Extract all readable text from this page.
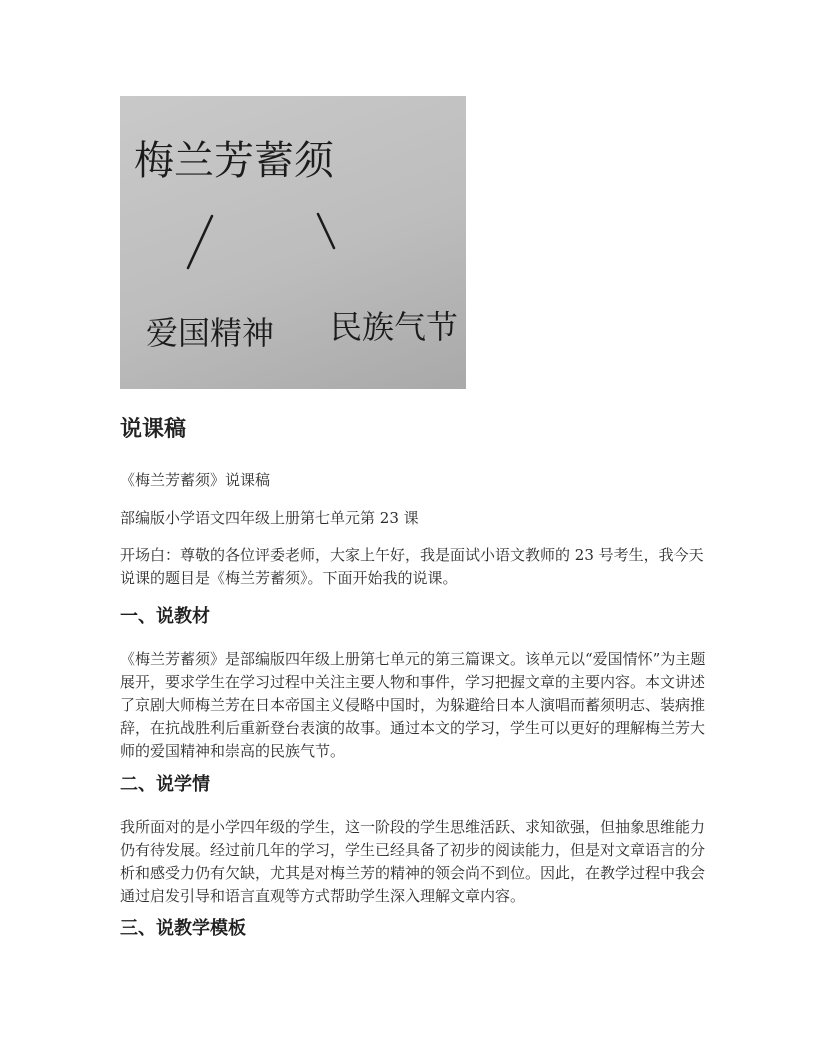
梅兰芳蓄须
爱国精神 民族气节
说课稿

《梅兰芳蓄须》说课稿

部编版小学语文四年级上册第七单元第 23 课

开场白：尊敬的各位评委老师，大家上午好，我是面试小语文教师的 23 号考生，我今天说课的题目是《梅兰芳蓄须》。下面开始我的说课。

一、说教材

《梅兰芳蓄须》是部编版四年级上册第七单元的第三篇课文。该单元以“爱国情怀”为主题展开，要求学生在学习过程中关注主要人物和事件，学习把握文章的主要内容。本文讲述了京剧大师梅兰芳在日本帝国主义侵略中国时，为躲避给日本人演唱而蓄须明志、装病推辞，在抗战胜利后重新登台表演的故事。通过本文的学习，学生可以更好的理解梅兰芳大师的爱国精神和崇高的民族气节。

二、说学情

我所面对的是小学四年级的学生，这一阶段的学生思维活跃、求知欲强，但抽象思维能力仍有待发展。经过前几年的学习，学生已经具备了初步的阅读能力，但是对文章语言的分析和感受力仍有欠缺，尤其是对梅兰芳的精神的领会尚不到位。因此，在教学过程中我会通过启发引导和语言直观等方式帮助学生深入理解文章内容。

三、说教学模板
